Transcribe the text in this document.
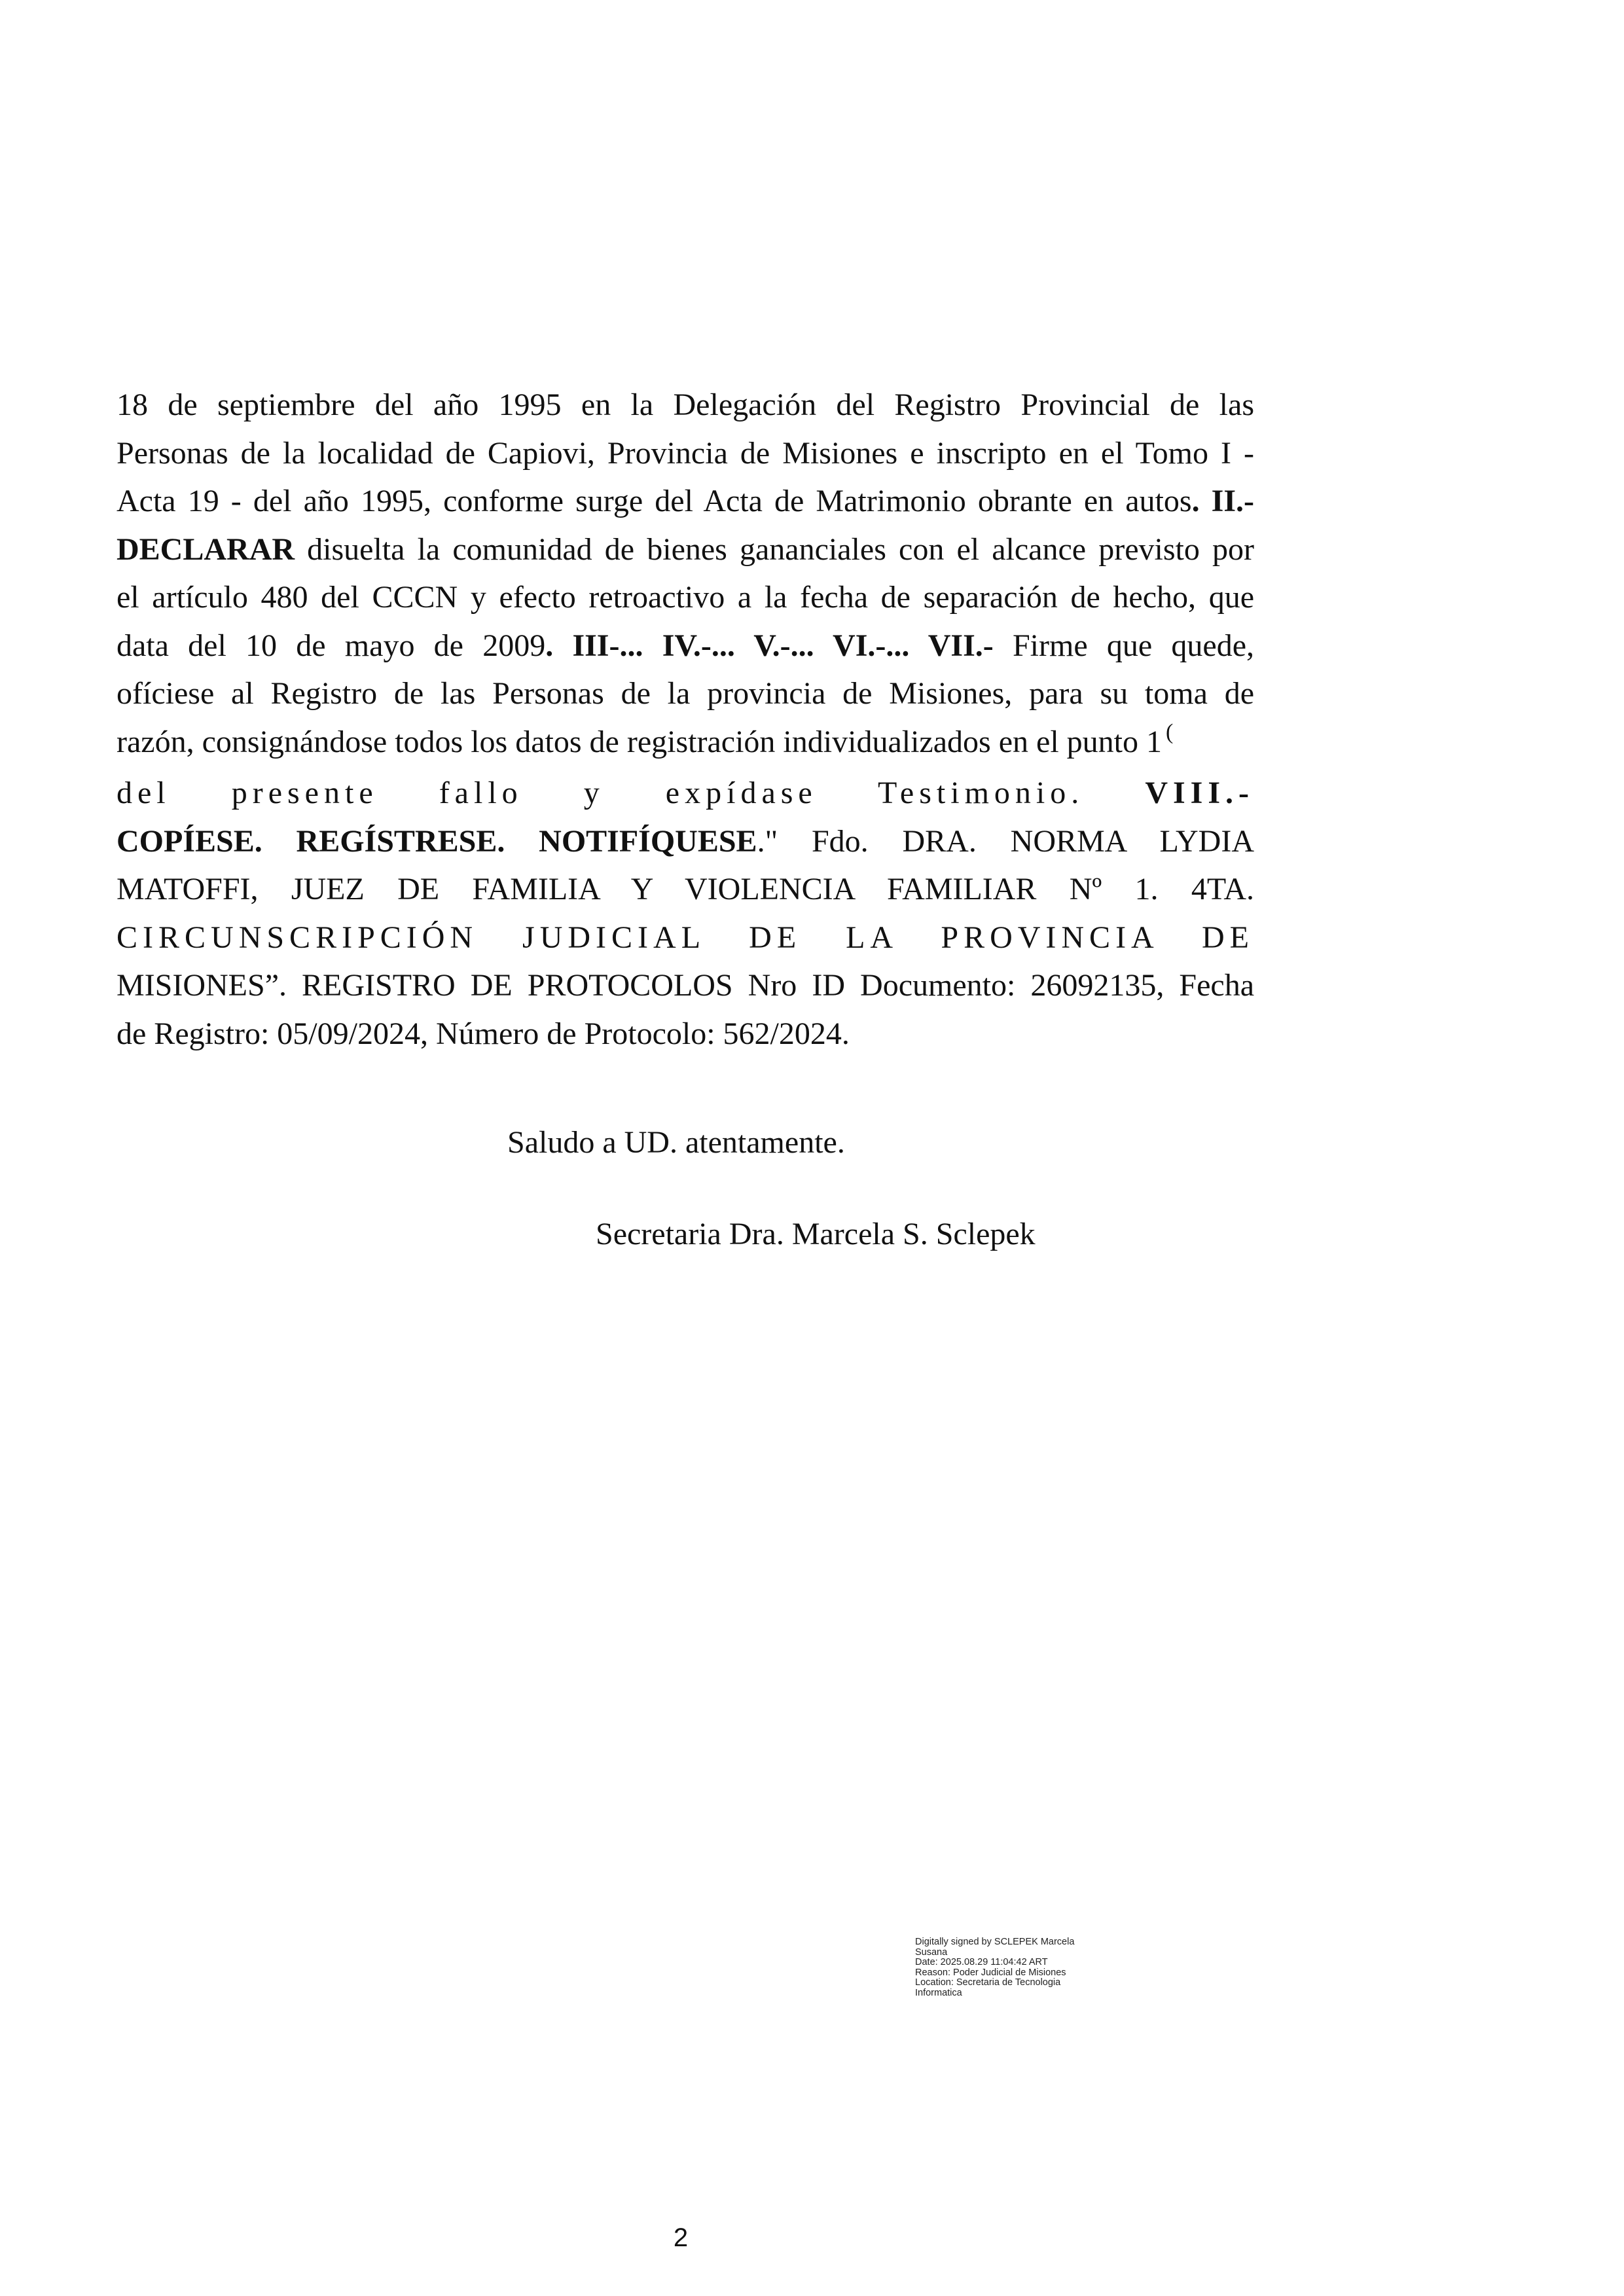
18 de septiembre del año 1995 en la Delegación del Registro Provincial de las
Personas de la localidad de Capiovi, Provincia de Misiones e inscripto en el Tomo I -
Acta 19 - del año 1995, conforme surge del Acta de Matrimonio obrante en autos. II.-
DECLARAR disuelta la comunidad de bienes gananciales con el alcance previsto por
el artículo 480 del CCCN y efecto retroactivo a la fecha de separación de hecho, que
data del 10 de mayo de 2009. III-... IV.-... V.-... VI.-... VII.- Firme que quede,
ofíciese al Registro de las Personas de la provincia de Misiones, para su toma de
razón, consignándose todos los datos de registración individualizados en el punto 1 (
del presente fallo y expídase Testimonio. VIII.-
COPÍESE. REGÍSTRESE. NOTIFÍQUESE." Fdo. DRA. NORMA LYDIA
MATOFFI, JUEZ DE FAMILIA Y VIOLENCIA FAMILIAR Nº 1. 4TA.
CIRCUNSCRIPCIÓN JUDICIAL DE LA PROVINCIA DE
MISIONES”. REGISTRO DE PROTOCOLOS Nro ID Documento: 26092135, Fecha
de Registro: 05/09/2024, Número de Protocolo: 562/2024.
Saludo a UD. atentamente.
Secretaria Dra. Marcela S. Sclepek
Digitally signed by SCLEPEK Marcela
Susana
Date: 2025.08.29 11:04:42 ART
Reason: Poder Judicial de Misiones
Location: Secretaria de Tecnologia
Informatica
2
